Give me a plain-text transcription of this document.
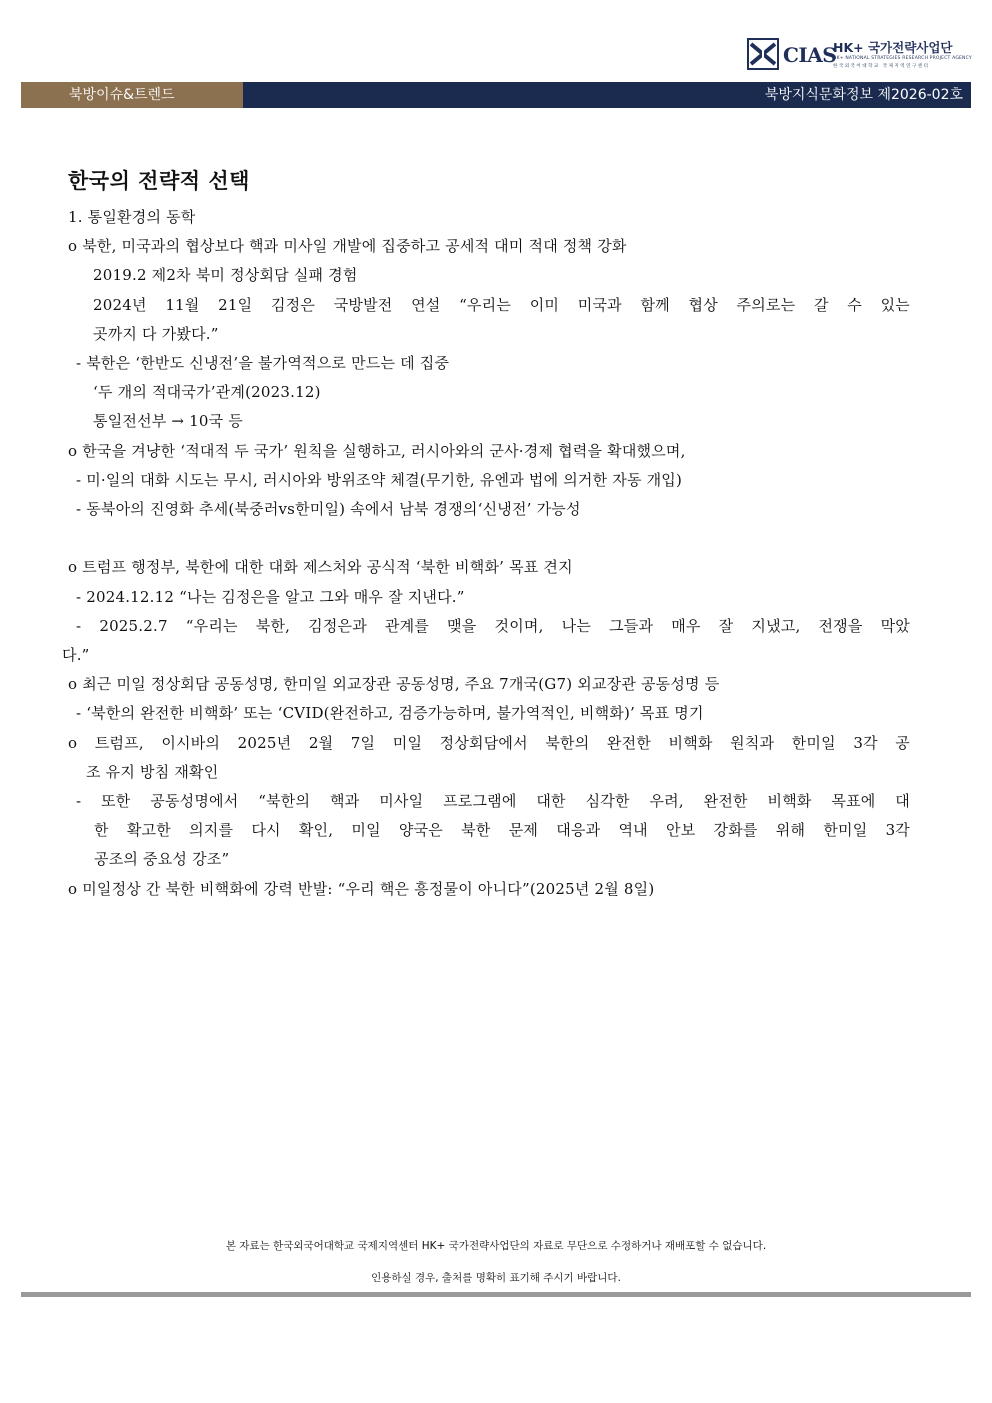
CIAS
HK+ 국가전략사업단
HK+ NATIONAL STRATEGIES RESEARCH PROJECT AGENCY
한국외국어대학교 국제지역연구센터
북방이슈&트렌드	북방지식문화정보 제2026-02호
한국의 전략적 선택
1. 통일환경의 동학
o 북한, 미국과의 협상보다 핵과 미사일 개발에 집중하고 공세적 대미 적대 정책 강화
2019.2 제2차 북미 정상회담 실패 경험
2024년 11월 21일 김정은 국방발전 연설 “우리는 이미 미국과 함께 협상 주의로는 갈 수 있는
곳까지 다 가봤다.”
- 북한은 ‘한반도 신냉전’을 불가역적으로 만드는 데 집중
‘두 개의 적대국가’관계(2023.12)
통일전선부 → 10국 등
o 한국을 겨냥한 ‘적대적 두 국가’ 원칙을 실행하고, 러시아와의 군사·경제 협력을 확대했으며,
- 미·일의 대화 시도는 무시, 러시아와 방위조약 체결(무기한, 유엔과 법에 의거한 자동 개입)
- 동북아의 진영화 추세(북중러vs한미일) 속에서 남북 경쟁의‘신냉전’ 가능성
o 트럼프 행정부, 북한에 대한 대화 제스처와 공식적 ‘북한 비핵화’ 목표 견지
- 2024.12.12 “나는 김정은을 알고 그와 매우 잘 지낸다.”
- 2025.2.7 “우리는 북한, 김정은과 관계를 맺을 것이며, 나는 그들과 매우 잘 지냈고, 전쟁을 막았
다.”
o 최근 미일 정상회담 공동성명, 한미일 외교장관 공동성명, 주요 7개국(G7) 외교장관 공동성명 등
- ‘북한의 완전한 비핵화’ 또는 ‘CVID(완전하고, 검증가능하며, 불가역적인, 비핵화)’ 목표 명기
o 트럼프, 이시바의 2025년 2월 7일 미일 정상회담에서 북한의 완전한 비핵화 원칙과 한미일 3각 공
조 유지 방침 재확인
- 또한 공동성명에서 “북한의 핵과 미사일 프로그램에 대한 심각한 우려, 완전한 비핵화 목표에 대
한 확고한 의지를 다시 확인, 미일 양국은 북한 문제 대응과 역내 안보 강화를 위해 한미일 3각
공조의 중요성 강조”
o 미일정상 간 북한 비핵화에 강력 반발: “우리 핵은 흥정물이 아니다”(2025년 2월 8일)
본 자료는 한국외국어대학교 국제지역센터 HK+ 국가전략사업단의 자료로 무단으로 수정하거나 재배포할 수 없습니다.
인용하실 경우, 출처를 명확히 표기해 주시기 바랍니다.
